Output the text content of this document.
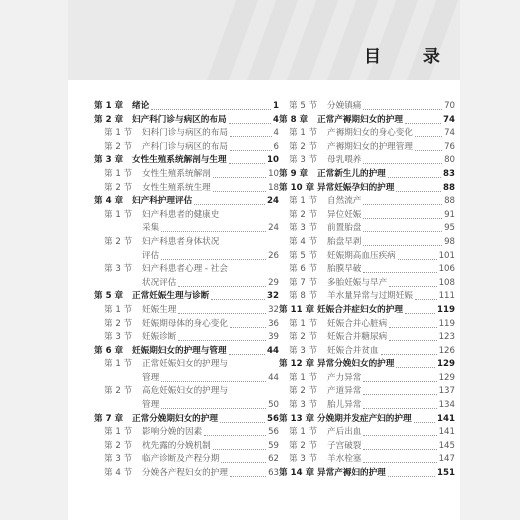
目 录
第 1 章 绪论	1
第 2 章 妇产科门诊与病区的布局	4
第 1 节 妇科门诊与病区的布局	4
第 2 节 产科门诊与病区的布局	6
第 3 章 女性生殖系统解剖与生理	10
第 1 节 女性生殖系统解剖	10
第 2 节 女性生殖系统生理	18
第 4 章 妇产科护理评估	24
第 1 节 妇产科患者的健康史
采集	24
第 2 节 妇产科患者身体状况
评估	26
第 3 节 妇产科患者心理 - 社会
状况评估	29
第 5 章 正常妊娠生理与诊断	32
第 1 节 妊娠生理	32
第 2 节 妊娠期母体的身心变化	36
第 3 节 妊娠诊断	39
第 6 章 妊娠期妇女的护理与管理	44
第 1 节 正常妊娠妇女的护理与
管理	44
第 2 节 高危妊娠妇女的护理与
管理	50
第 7 章 正常分娩期妇女的护理	56
第 1 节 影响分娩的因素	56
第 2 节 枕先露的分娩机制	59
第 3 节 临产诊断及产程分期	62
第 4 节 分娩各产程妇女的护理	63
第 5 节 分娩镇痛	70
第 8 章 正常产褥期妇女的护理	74
第 1 节 产褥期妇女的身心变化	74
第 2 节 产褥期妇女的护理管理	76
第 3 节 母乳喂养	80
第 9 章 正常新生儿的护理	83
第 10 章 异常妊娠孕妇的护理	88
第 1 节 自然流产	88
第 2 节 异位妊娠	91
第 3 节 前置胎盘	95
第 4 节 胎盘早剥	98
第 5 节 妊娠期高血压疾病	101
第 6 节 胎膜早破	106
第 7 节 多胎妊娠与早产	108
第 8 节 羊水量异常与过期妊娠	111
第 11 章 妊娠合并症妇女的护理	119
第 1 节 妊娠合并心脏病	119
第 2 节 妊娠合并糖尿病	123
第 3 节 妊娠合并贫血	126
第 12 章 异常分娩妇女的护理	129
第 1 节 产力异常	129
第 2 节 产道异常	137
第 3 节 胎儿异常	134
第 13 章 分娩期并发症产妇的护理	141
第 1 节 产后出血	141
第 2 节 子宫破裂	145
第 3 节 羊水栓塞	147
第 14 章 异常产褥妇的护理	151
